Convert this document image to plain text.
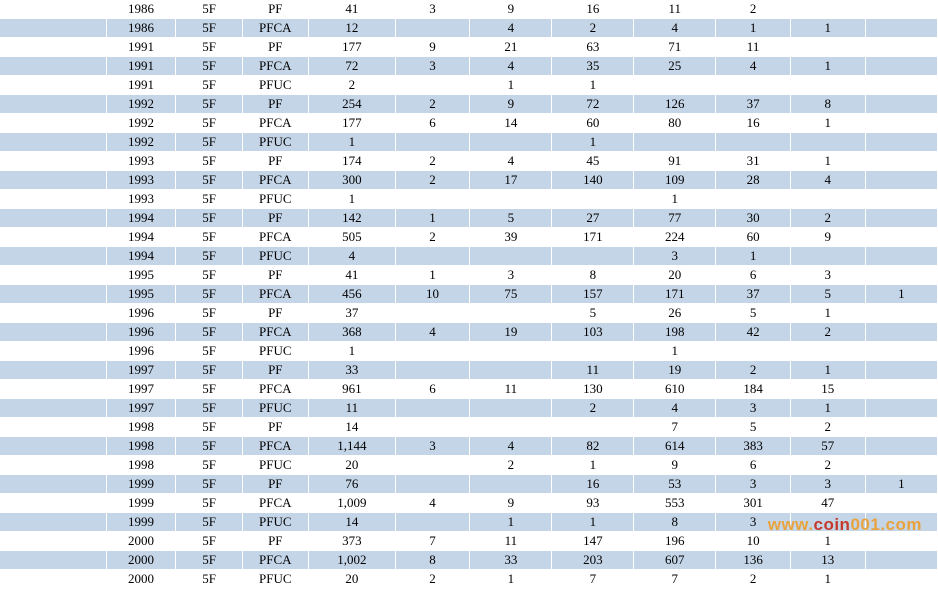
	1986	5F	PF	41	3	9	16	11	2		
	1986	5F	PFCA	12		4	2	4	1	1	
	1991	5F	PF	177	9	21	63	71	11		
	1991	5F	PFCA	72	3	4	35	25	4	1	
	1991	5F	PFUC	2		1	1				
	1992	5F	PF	254	2	9	72	126	37	8	
	1992	5F	PFCA	177	6	14	60	80	16	1	
	1992	5F	PFUC	1			1				
	1993	5F	PF	174	2	4	45	91	31	1	
	1993	5F	PFCA	300	2	17	140	109	28	4	
	1993	5F	PFUC	1				1			
	1994	5F	PF	142	1	5	27	77	30	2	
	1994	5F	PFCA	505	2	39	171	224	60	9	
	1994	5F	PFUC	4				3	1		
	1995	5F	PF	41	1	3	8	20	6	3	
	1995	5F	PFCA	456	10	75	157	171	37	5	1
	1996	5F	PF	37			5	26	5	1	
	1996	5F	PFCA	368	4	19	103	198	42	2	
	1996	5F	PFUC	1				1			
	1997	5F	PF	33			11	19	2	1	
	1997	5F	PFCA	961	6	11	130	610	184	15	
	1997	5F	PFUC	11			2	4	3	1	
	1998	5F	PF	14				7	5	2	
	1998	5F	PFCA	1,144	3	4	82	614	383	57	
	1998	5F	PFUC	20		2	1	9	6	2	
	1999	5F	PF	76			16	53	3	3	1
	1999	5F	PFCA	1,009	4	9	93	553	301	47	
	1999	5F	PFUC	14		1	1	8	3		
	2000	5F	PF	373	7	11	147	196	10	1	
	2000	5F	PFCA	1,002	8	33	203	607	136	13	
	2000	5F	PFUC	20	2	1	7	7	2	1	
www.coin001.com
